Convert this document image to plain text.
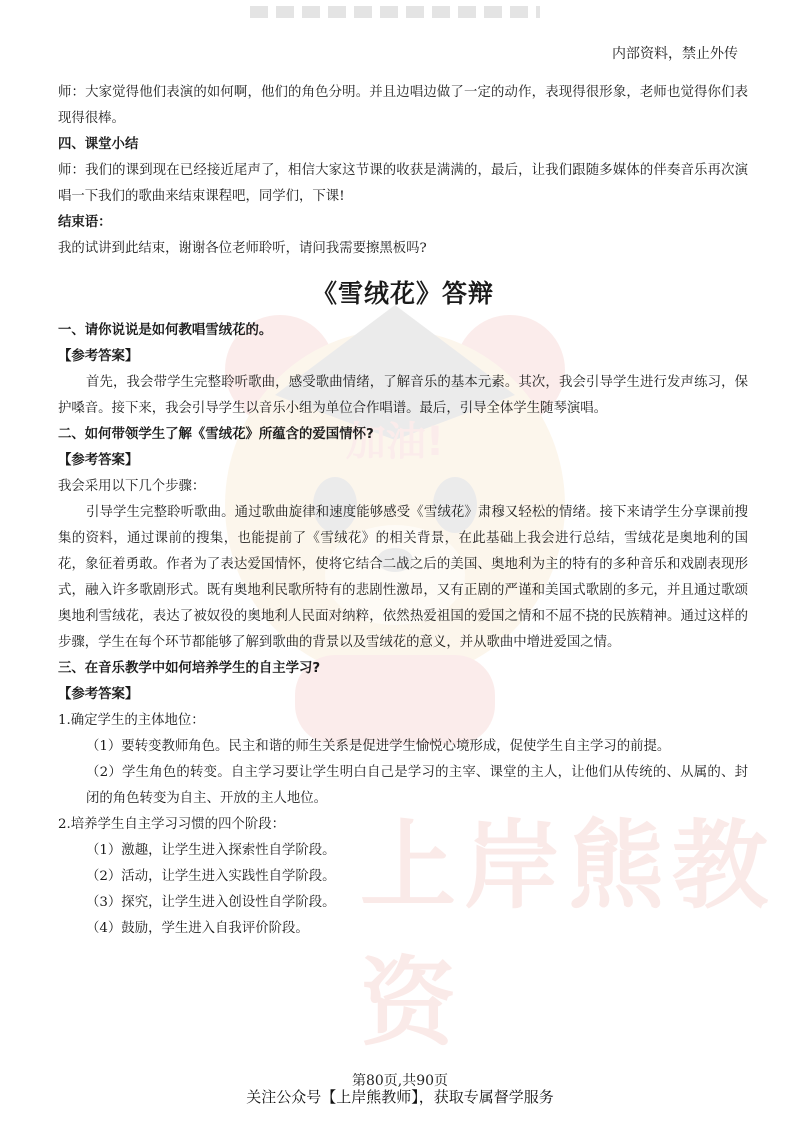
内部资料，禁止外传
加油!
上岸熊教资

师：大家觉得他们表演的如何啊，他们的角色分明。并且边唱边做了一定的动作，表现得很形象，老师也觉得你们表现得很棒。

四、课堂小结

师：我们的课到现在已经接近尾声了，相信大家这节课的收获是满满的，最后，让我们跟随多媒体的伴奏音乐再次演唱一下我们的歌曲来结束课程吧，同学们，下课!

结束语：

我的试讲到此结束，谢谢各位老师聆听，请问我需要擦黑板吗?

《雪绒花》答辩

一、请你说说是如何教唱雪绒花的。

【参考答案】

首先，我会带学生完整聆听歌曲，感受歌曲情绪，了解音乐的基本元素。其次，我会引导学生进行发声练习，保护嗓音。接下来，我会引导学生以音乐小组为单位合作唱谱。最后，引导全体学生随琴演唱。

二、如何带领学生了解《雪绒花》所蕴含的爱国情怀?

【参考答案】

我会采用以下几个步骤：

引导学生完整聆听歌曲。通过歌曲旋律和速度能够感受《雪绒花》肃穆又轻松的情绪。接下来请学生分享课前搜集的资料，通过课前的搜集，也能提前了《雪绒花》的相关背景，在此基础上我会进行总结，雪绒花是奥地利的国花，象征着勇敢。作者为了表达爱国情怀，使将它结合二战之后的美国、奥地利为主的特有的多种音乐和戏剧表现形式，融入许多歌剧形式。既有奥地利民歌所特有的悲剧性激昂，又有正剧的严谨和美国式歌剧的多元，并且通过歌颂奥地利雪绒花，表达了被奴役的奥地利人民面对纳粹，依然热爱祖国的爱国之情和不屈不挠的民族精神。通过这样的步骤，学生在每个环节都能够了解到歌曲的背景以及雪绒花的意义，并从歌曲中增进爱国之情。

三、在音乐教学中如何培养学生的自主学习?

【参考答案】

1.确定学生的主体地位：

（1）要转变教师角色。民主和谐的师生关系是促进学生愉悦心境形成，促使学生自主学习的前提。

（2）学生角色的转变。自主学习要让学生明白自己是学习的主宰、课堂的主人，让他们从传统的、从属的、封闭的角色转变为自主、开放的主人地位。

2.培养学生自主学习习惯的四个阶段：

（1）激趣，让学生进入探索性自学阶段。

（2）活动，让学生进入实践性自学阶段。

（3）探究，让学生进入创设性自学阶段。

（4）鼓励，学生进入自我评价阶段。

第80页,共90页
关注公众号【上岸熊教师】，获取专属督学服务
